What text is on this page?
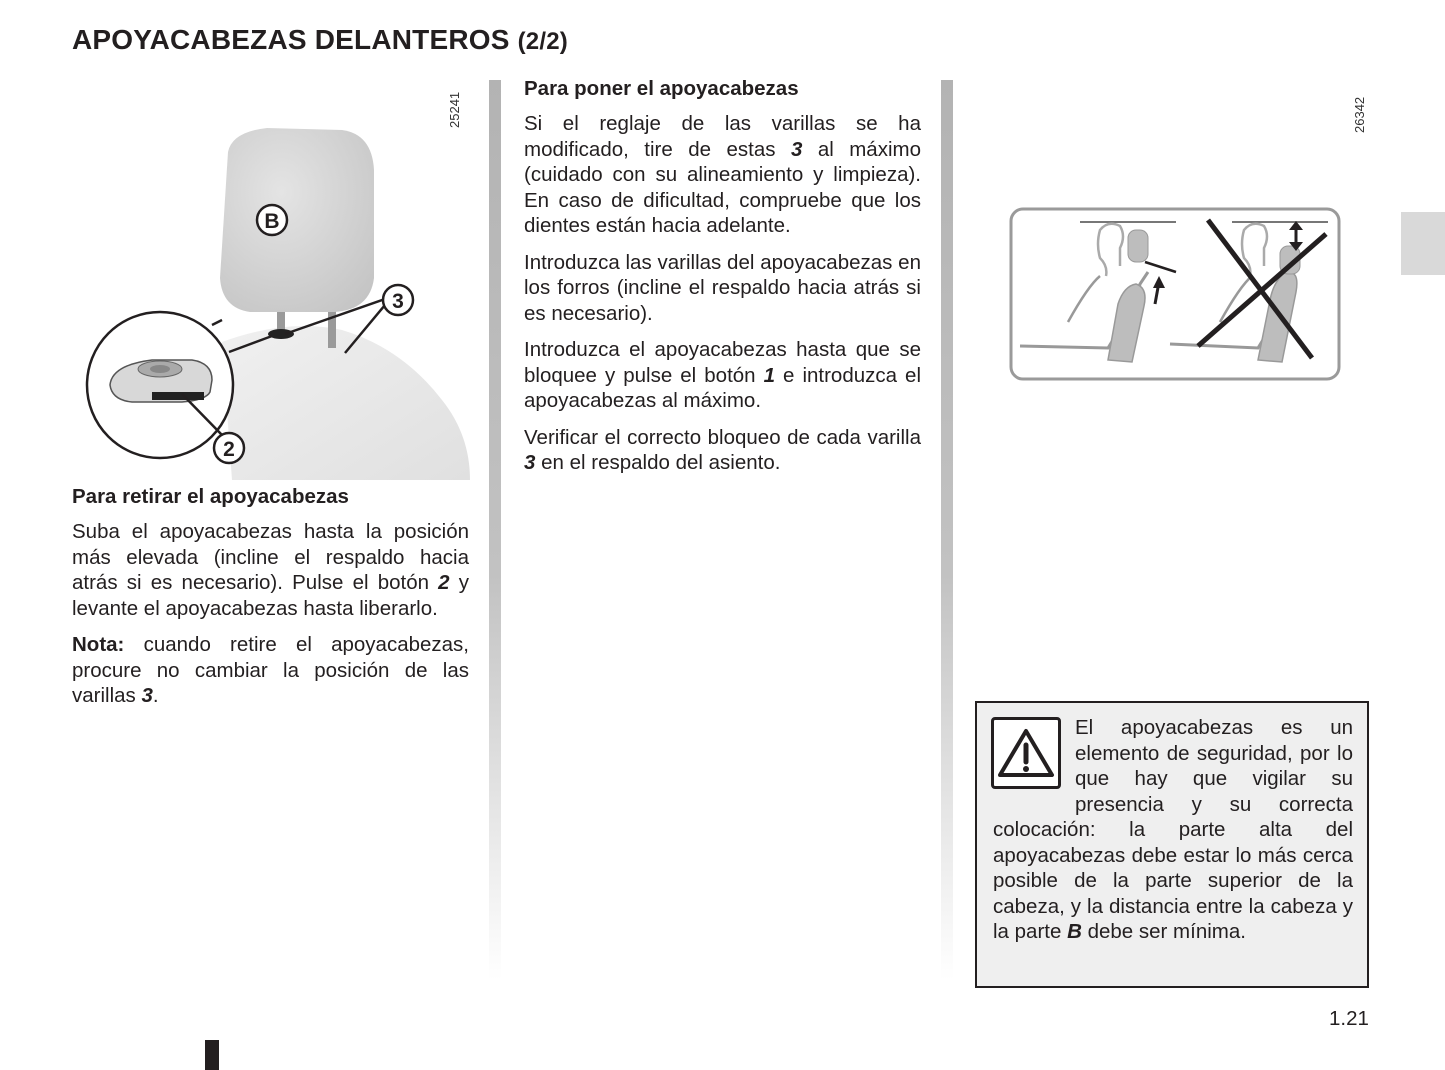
APOYACABEZAS DELANTEROS (2/2)
B
3
2
25241
Para retirar el apoyacabezas

Suba el apoyacabezas hasta la posición más elevada (incline el respaldo hacia atrás si es necesario). Pulse el botón 2 y levante el apoyacabezas hasta liberarlo.

Nota: cuando retire el apoyacabezas, procure no cambiar la posición de las varillas 3.

Para poner el apoyacabezas

Si el reglaje de las varillas se ha modificado, tire de estas 3 al máximo (cuidado con su alineamiento y limpieza). En caso de dificultad, compruebe que los dientes están hacia adelante.

Introduzca las varillas del apoyacabezas en los forros (incline el respaldo hacia atrás si es necesario).

Introduzca el apoyacabezas hasta que se bloquee y pulse el botón 1 e introduzca el apoyacabezas al máximo.

Verificar el correcto bloqueo de cada varilla 3 en el respaldo del asiento.

26342

El apoyacabezas es un elemento de seguridad, por lo que hay que vigilar su presencia y su correcta colocación: la parte alta del apoyacabezas debe estar lo más cerca posible de la parte superior de la cabeza, y la distancia entre la cabeza y la parte B debe ser mínima.

1.21
